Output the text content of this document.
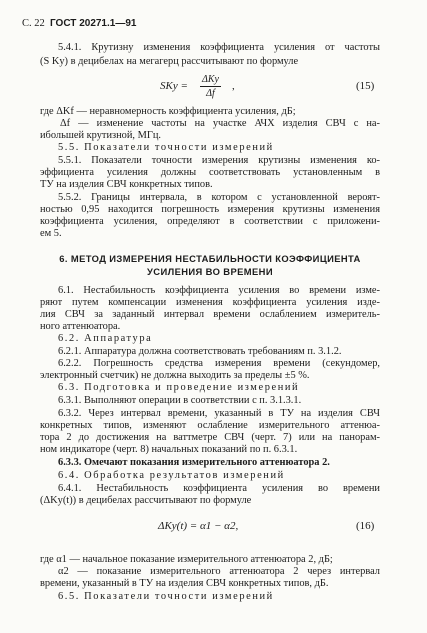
С. 22 ГОСТ 20271.1—91
5.4.1. Крутизну изменения коэффициента усиления от частоты
(S Ky) в децибелах на мегагерц рассчитывают по формуле
SKy =
ΔKy
Δf
,	(15)
где ΔKf — неравномерность коэффициента усиления, дБ;
Δf — изменение частоты на участке АЧХ изделия СВЧ с на-
ибольшей крутизной, МГц.
5.5. Показатели точности измерений
5.5.1. Показатели точности измерения крутизны изменения ко-
эффициента усиления должны соответствовать установленным в
ТУ на изделия СВЧ конкретных типов.
5.5.2. Границы интервала, в котором с установленной вероят-
ностью 0,95 находится погрешность измерения крутизны изменения
коэффициента усиления, определяют в соответствии с приложени-
ем 5.
6. МЕТОД ИЗМЕРЕНИЯ НЕСТАБИЛЬНОСТИ КОЭФФИЦИЕНТА
УСИЛЕНИЯ ВО ВРЕМЕНИ
6.1. Нестабильность коэффициента усиления во времени изме-
ряют путем компенсации изменения коэффициента усиления изде-
лия СВЧ за заданный интервал времени ослаблением измеритель-
ного аттенюатора.
6.2. Аппаратура
6.2.1. Аппаратура должна соответствовать требованиям п. 3.1.2.
6.2.2. Погрешность средства измерения времени (секундомер,
электронный счетчик) не должна выходить за пределы ±5 %.
6.3. Подготовка и проведение измерений
6.3.1. Выполняют операции в соответствии с п. 3.1.3.1.
6.3.2. Через интервал времени, указанный в ТУ на изделия СВЧ
конкретных типов, изменяют ослабление измерительного аттенюа-
тора 2 до достижения на ваттметре СВЧ (черт. 7) или на панорам-
ном индикаторе (черт. 8) начальных показаний по п. 6.3.1.
6.3.3. Омечают показания измерительного аттенюатора 2.
6.4. Обработка результатов измерений
6.4.1. Нестабильность коэффициента усиления во времени
(ΔKy(t)) в децибелах рассчитывают по формуле
ΔKy(t) = α1 − α2,	(16)
где α1 — начальное показание измерительного аттенюатора 2, дБ;
α2 — показание измерительного аттенюатора 2 через интервал
времени, указанный в ТУ на изделия СВЧ конкретных типов, дБ.
6.5. Показатели точности измерений
